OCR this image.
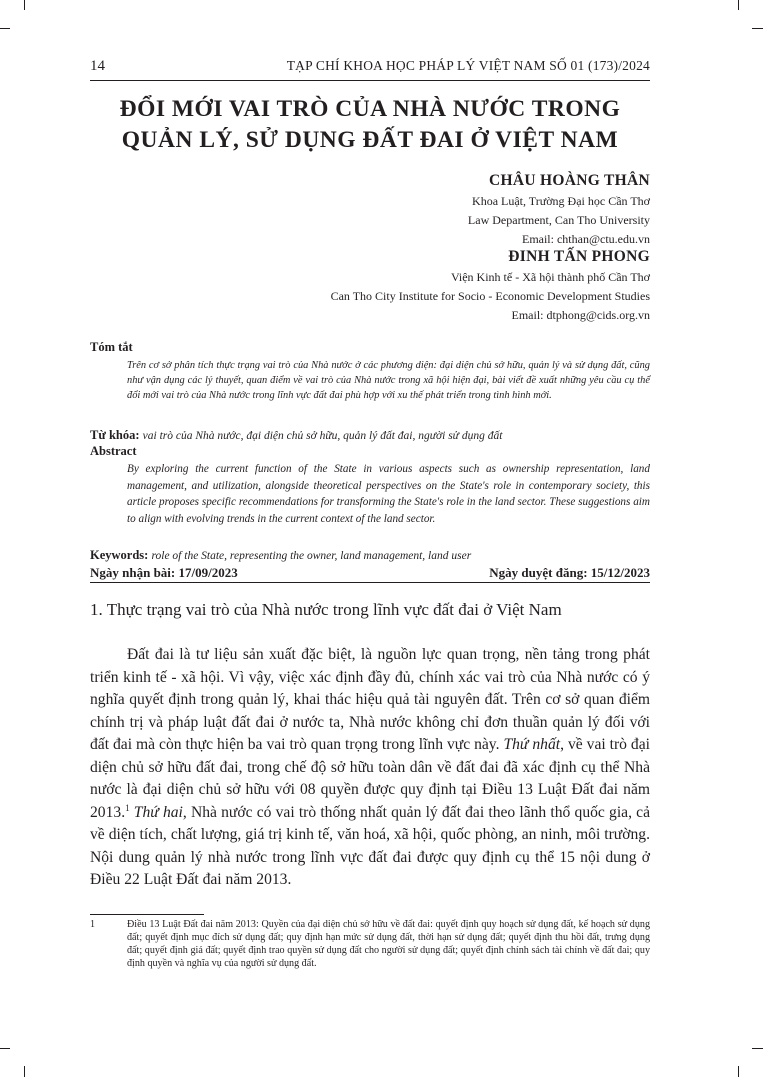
14	TẠP CHÍ KHOA HỌC PHÁP LÝ VIỆT NAM SỐ 01 (173)/2024
ĐỔI MỚI VAI TRÒ CỦA NHÀ NƯỚC TRONG
QUẢN LÝ, SỬ DỤNG ĐẤT ĐAI Ở VIỆT NAM
CHÂU HOÀNG THÂN
Khoa Luật, Trường Đại học Cần Thơ
Law Department, Can Tho University
Email: chthan@ctu.edu.vn
ĐINH TẤN PHONG
Viện Kinh tế - Xã hội thành phố Cần Thơ
Can Tho City Institute for Socio - Economic Development Studies
Email: dtphong@cids.org.vn
Tóm tắt
Trên cơ sở phân tích thực trạng vai trò của Nhà nước ở các phương diện: đại diện chủ sở hữu, quản lý và sử dụng đất, cũng như vận dụng các lý thuyết, quan điểm về vai trò của Nhà nước trong xã hội hiện đại, bài viết đề xuất những yêu cầu cụ thể đổi mới vai trò của Nhà nước trong lĩnh vực đất đai phù hợp với xu thế phát triển trong tình hình mới.
Từ khóa: vai trò của Nhà nước, đại diện chủ sở hữu, quản lý đất đai, người sử dụng đất
Abstract
By exploring the current function of the State in various aspects such as ownership representation, land management, and utilization, alongside theoretical perspectives on the State's role in contemporary society, this article proposes specific recommendations for transforming the State's role in the land sector. These suggestions aim to align with evolving trends in the current context of the land sector.
Keywords: role of the State, representing the owner, land management, land user
Ngày nhận bài: 17/09/2023	Ngày duyệt đăng: 15/12/2023
1. Thực trạng vai trò của Nhà nước trong lĩnh vực đất đai ở Việt Nam

Đất đai là tư liệu sản xuất đặc biệt, là nguồn lực quan trọng, nền tảng trong phát triển kinh tế - xã hội. Vì vậy, việc xác định đầy đủ, chính xác vai trò của Nhà nước có ý nghĩa quyết định trong quản lý, khai thác hiệu quả tài nguyên đất. Trên cơ sở quan điểm chính trị và pháp luật đất đai ở nước ta, Nhà nước không chỉ đơn thuần quản lý đối với đất đai mà còn thực hiện ba vai trò quan trọng trong lĩnh vực này. Thứ nhất, về vai trò đại diện chủ sở hữu đất đai, trong chế độ sở hữu toàn dân về đất đai đã xác định cụ thể Nhà nước là đại diện chủ sở hữu với 08 quyền được quy định tại Điều 13 Luật Đất đai năm 2013.$^1$ Thứ hai, Nhà nước có vai trò thống nhất quản lý đất đai theo lãnh thổ quốc gia, cả về diện tích, chất lượng, giá trị kinh tế, văn hoá, xã hội, quốc phòng, an ninh, môi trường. Nội dung quản lý nhà nước trong lĩnh vực đất đai được quy định cụ thể 15 nội dung ở Điều 22 Luật Đất đai năm 2013.

1	Điều 13 Luật Đất đai năm 2013: Quyền của đại diện chủ sở hữu về đất đai: quyết định quy hoạch sử dụng đất, kế hoạch sử dụng đất; quyết định mục đích sử dụng đất; quy định hạn mức sử dụng đất, thời hạn sử dụng đất; quyết định thu hồi đất, trưng dụng đất; quyết định giá đất; quyết định trao quyền sử dụng đất cho người sử dụng đất; quyết định chính sách tài chính về đất đai; quy định quyền và nghĩa vụ của người sử dụng đất.
